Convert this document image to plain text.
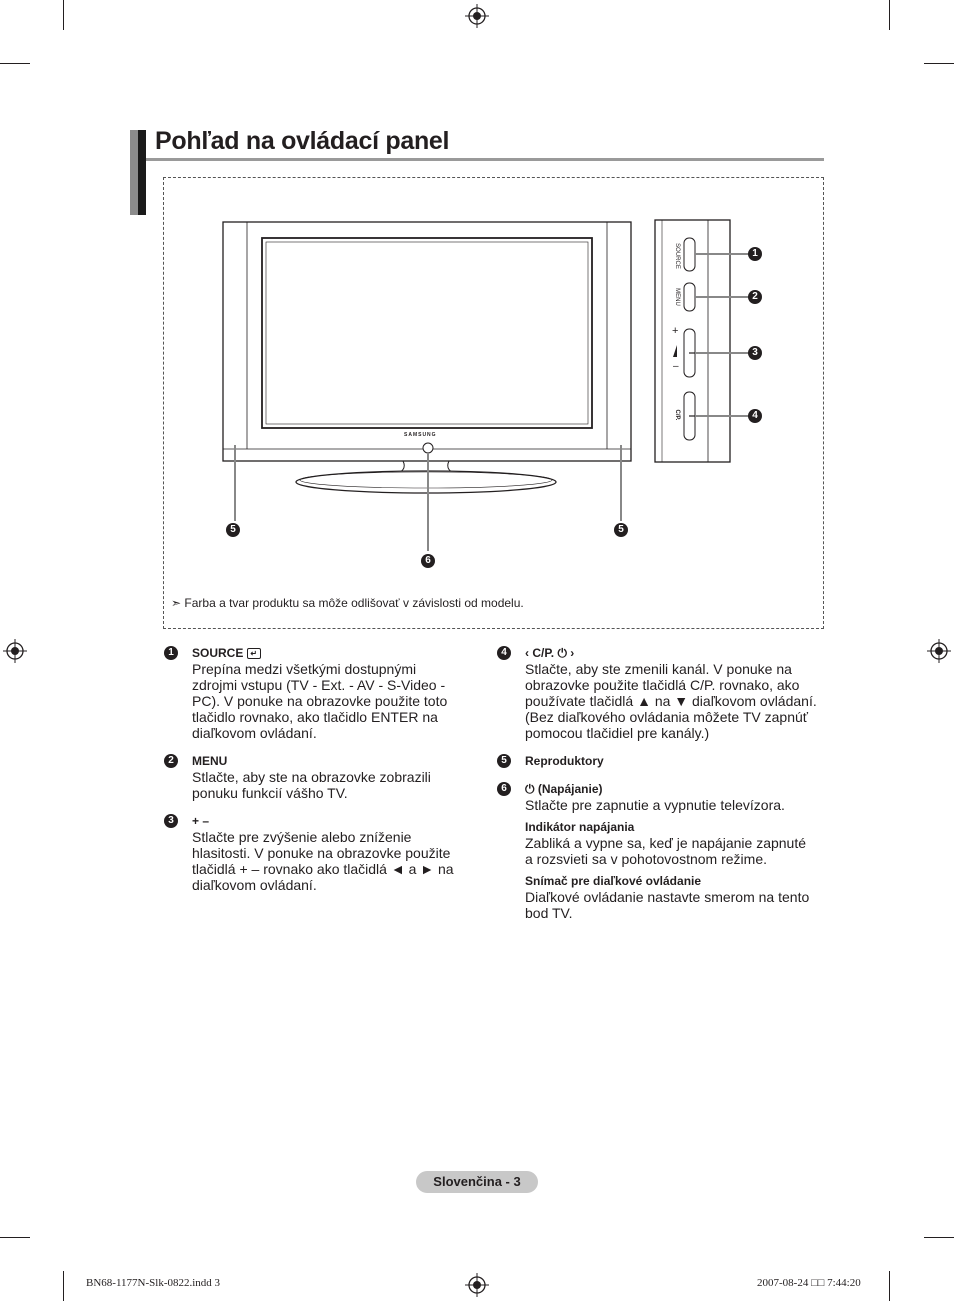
Pohľad na ovládací panel
SAMSUNG
SOURCE
MENU
+
–
C/P.
1
2
3
4
5	5
6
➣ Farba a tvar produktu sa môže odlišovať v závislosti od modelu.
1	SOURCE ↵
Prepína medzi všetkými dostupnými zdrojmi vstupu (TV - Ext. - AV - S-Video - PC). V ponuke na obrazovke použite toto tlačidlo rovnako, ako tlačidlo ENTER na diaľkovom ovládaní.
2	MENU
Stlačte, aby ste na obrazovke zobrazili ponuku funkcií vášho TV.
3	+ –
Stlačte pre zvýšenie alebo zníženie hlasitosti. V ponuke na obrazovke použite tlačidlá + – rovnako ako tlačidlá ◄ a ► na diaľkovom ovládaní.
4	‹ C/P. ⏻ ›
Stlačte, aby ste zmenili kanál. V ponuke na obrazovke použite tlačidlá C/P. rovnako, ako používate tlačidlá ▲ na ▼ diaľkovom ovládaní. (Bez diaľkového ovládania môžete TV zapnúť pomocou tlačidiel pre kanály.)
5	Reproduktory
6	⏻ (Napájanie)
Stlačte pre zapnutie a vypnutie televízora.
Indikátor napájania
Zabliká a vypne sa, keď je napájanie zapnuté a rozsvieti sa v pohotovostnom režime.
Snímač pre diaľkové ovládanie
Diaľkové ovládanie nastavte smerom na tento bod TV.
Slovenčina - 3
BN68-1177N-Slk-0822.indd 3	2007-08-24 □□ 7:44:20
